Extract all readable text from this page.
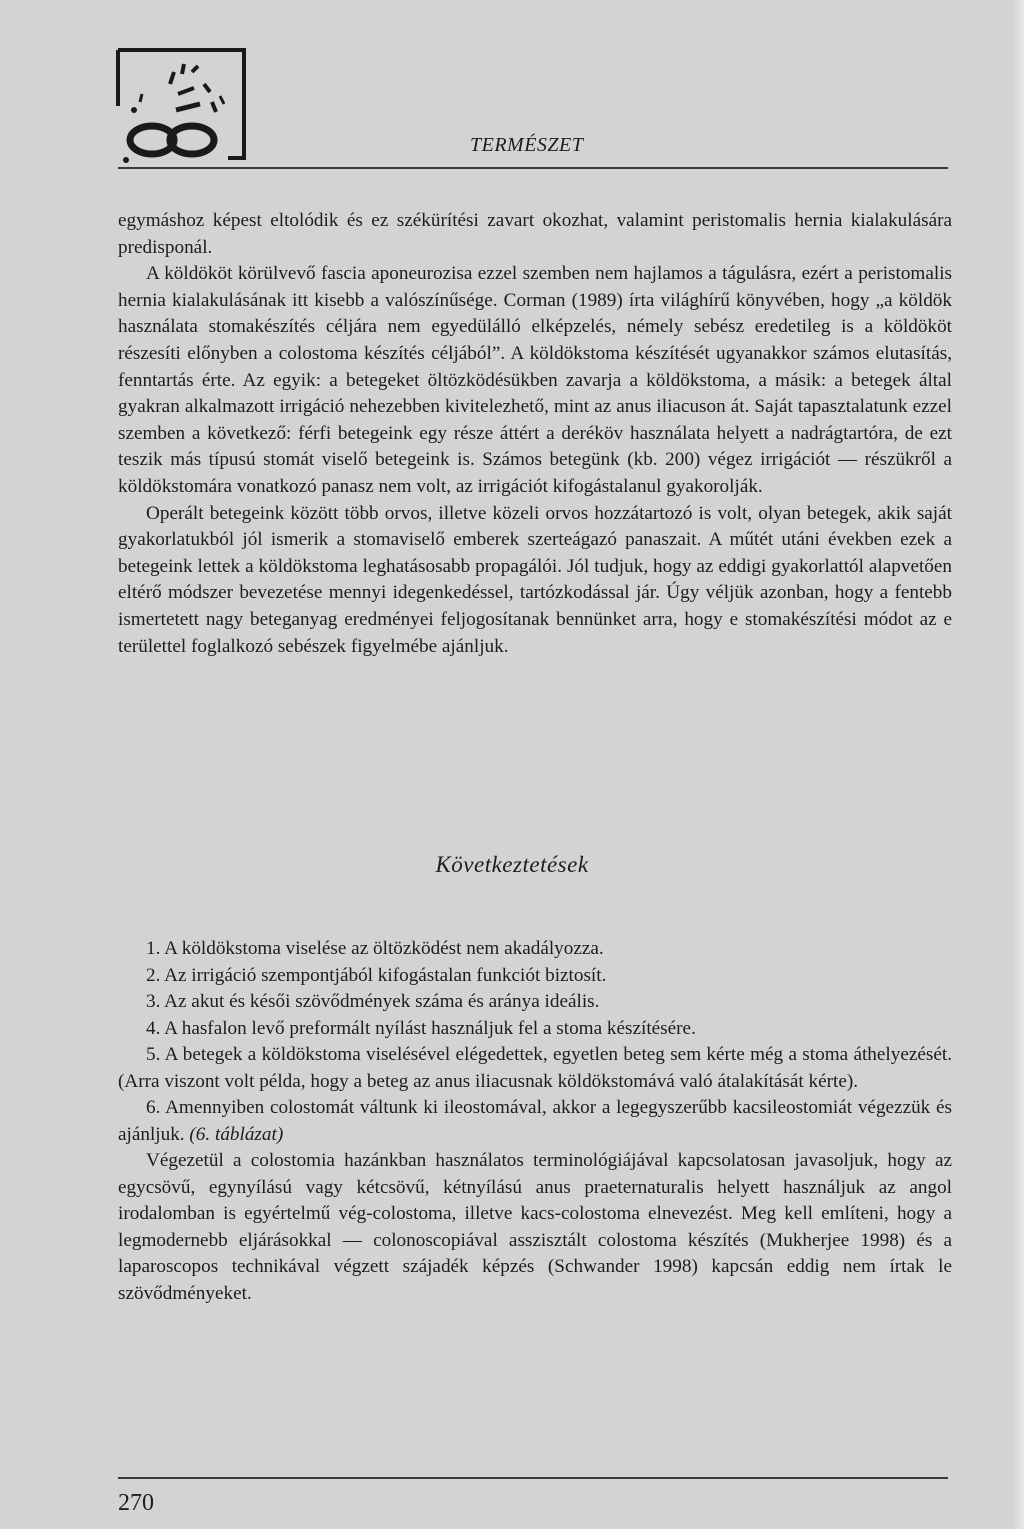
TERMÉSZET

egymáshoz képest eltolódik és ez székürítési zavart okozhat, valamint peristomalis hernia kialakulására predisponál.

A köldököt körülvevő fascia aponeurozisa ezzel szemben nem hajlamos a tágulásra, ezért a peristomalis hernia kialakulásának itt kisebb a valószínűsége. Corman (1989) írta világhírű könyvében, hogy „a köldök használata stomakészítés céljára nem egyedülálló elképzelés, némely sebész eredetileg is a köldököt részesíti előnyben a colostoma készítés céljából”. A köldökstoma készítését ugyanakkor számos elutasítás, fenntartás érte. Az egyik: a betegeket öltözködésükben zavarja a köldökstoma, a másik: a betegek által gyakran alkalmazott irrigáció nehezebben kivitelezhető, mint az anus iliacuson át. Saját tapasztalatunk ezzel szemben a következő: férfi betegeink egy része áttért a deréköv használata helyett a nadrágtartóra, de ezt teszik más típusú stomát viselő betegeink is. Számos betegünk (kb. 200) végez irrigációt — részükről a köldökstomára vonatkozó panasz nem volt, az irrigációt kifogástalanul gyakorolják.

Operált betegeink között több orvos, illetve közeli orvos hozzátartozó is volt, olyan betegek, akik saját gyakorlatukból jól ismerik a stomaviselő emberek szerteágazó panaszait. A műtét utáni években ezek a betegeink lettek a köldökstoma leghatásosabb propagálói. Jól tudjuk, hogy az eddigi gyakorlattól alapvetően eltérő módszer bevezetése mennyi idegenkedéssel, tartózkodással jár. Úgy véljük azonban, hogy a fentebb ismertetett nagy beteganyag eredményei feljogosítanak bennünket arra, hogy e stomakészítési módot az e területtel foglalkozó sebészek figyelmébe ajánljuk.

Következtetések

1. A köldökstoma viselése az öltözködést nem akadályozza.

2. Az irrigáció szempontjából kifogástalan funkciót biztosít.

3. Az akut és késői szövődmények száma és aránya ideális.

4. A hasfalon levő preformált nyílást használjuk fel a stoma készítésére.

5. A betegek a köldökstoma viselésével elégedettek, egyetlen beteg sem kérte még a stoma áthelyezését. (Arra viszont volt példa, hogy a beteg az anus iliacusnak köldökstomává való átalakítását kérte).

6. Amennyiben colostomát váltunk ki ileostomával, akkor a legegyszerűbb kacsileostomiát végezzük és ajánljuk. (6. táblázat)

Végezetül a colostomia hazánkban használatos terminológiájával kapcsolatosan javasoljuk, hogy az egycsövű, egynyílású vagy kétcsövű, kétnyílású anus praeternaturalis helyett használjuk az angol irodalomban is egyértelmű vég-colostoma, illetve kacs-colostoma elnevezést. Meg kell említeni, hogy a legmodernebb eljárásokkal — colonoscopiával asszisztált colostoma készítés (Mukherjee 1998) és a laparoscopos technikával végzett szájadék képzés (Schwander 1998) kapcsán eddig nem írtak le szövődményeket.

270
